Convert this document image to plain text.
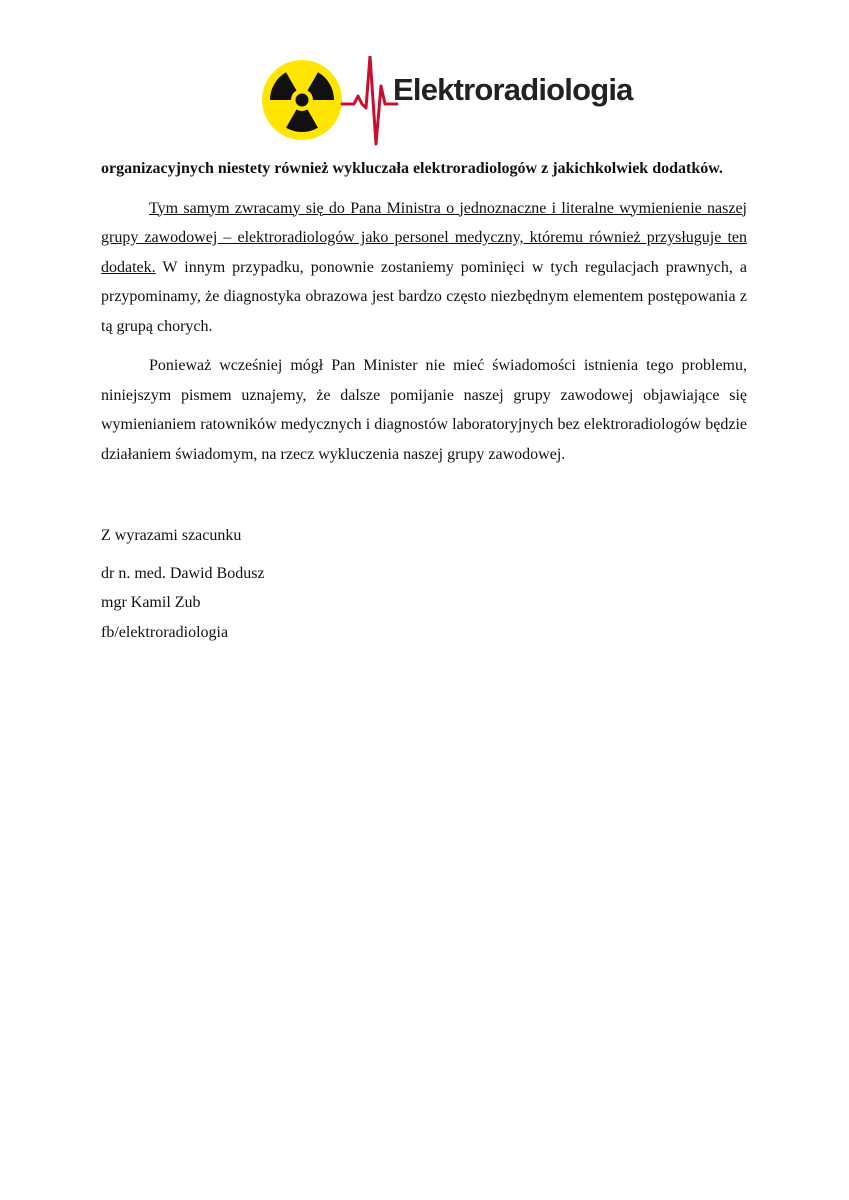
Elektroradiologia

organizacyjnych niestety również wykluczała elektroradiologów z jakichkolwiek dodatków.

Tym samym zwracamy się do Pana Ministra o jednoznaczne i literalne wymienienie naszej grupy zawodowej – elektroradiologów jako personel medyczny, któremu również przysługuje ten dodatek. W innym przypadku, ponownie zostaniemy pominięci w tych regulacjach prawnych, a przypominamy, że diagnostyka obrazowa jest bardzo często niezbędnym elementem postępowania z tą grupą chorych.

Ponieważ wcześniej mógł Pan Minister nie mieć świadomości istnienia tego problemu, niniejszym pismem uznajemy, że dalsze pomijanie naszej grupy zawodowej objawiające się wymienianiem ratowników medycznych i diagnostów laboratoryjnych bez elektroradiologów będzie działaniem świadomym, na rzecz wykluczenia naszej grupy zawodowej.

Z wyrazami szacunku

dr n. med. Dawid Bodusz
mgr Kamil Zub
fb/elektroradiologia
